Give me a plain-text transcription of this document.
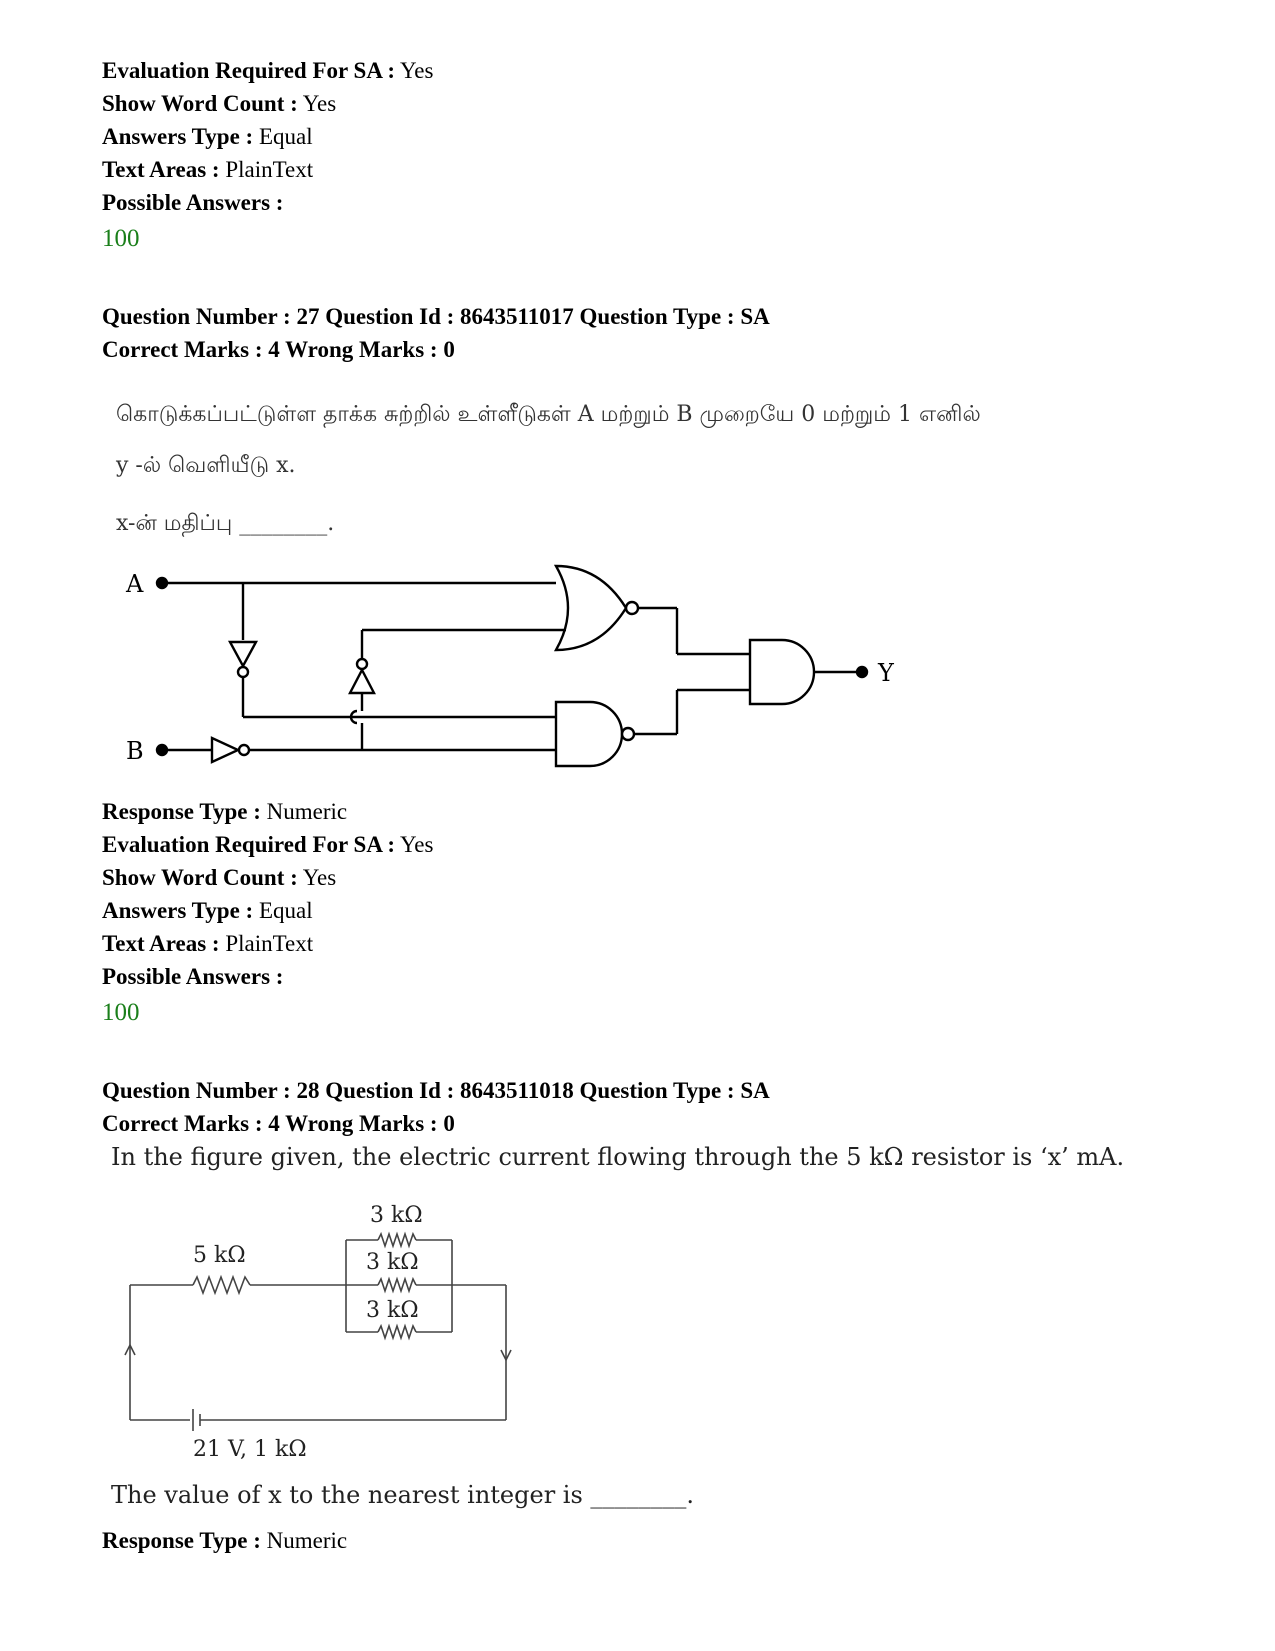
Evaluation Required For SA : Yes
Show Word Count : Yes
Answers Type : Equal
Text Areas : PlainText
Possible Answers :
100
Question Number : 27 Question Id : 8643511017 Question Type : SA
Correct Marks : 4 Wrong Marks : 0
கொடுக்கப்பட்டுள்ள தாக்க சுற்றில் உள்ளீடுகள் A மற்றும் B முறையே 0 மற்றும் 1 எனில்
y -ல் வெளியீடு x.
x-ன் மதிப்பு ________.
A
B
Y
Response Type : Numeric
Evaluation Required For SA : Yes
Show Word Count : Yes
Answers Type : Equal
Text Areas : PlainText
Possible Answers :
100
Question Number : 28 Question Id : 8643511018 Question Type : SA
Correct Marks : 4 Wrong Marks : 0
In the figure given, the electric current flowing through the 5 kΩ resistor is ‘x’ mA.
5 kΩ
3 kΩ
3 kΩ
3 kΩ
21 V, 1 kΩ
The value of x to the nearest integer is ________.
Response Type : Numeric
